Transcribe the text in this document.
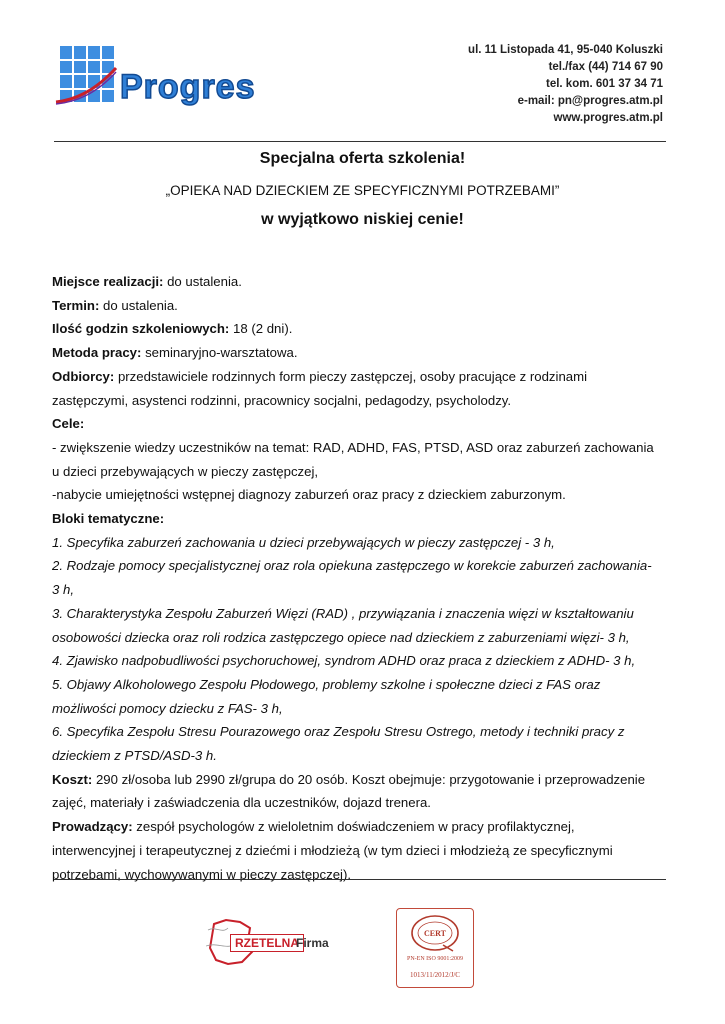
Progres
ul. 11 Listopada 41, 95-040 Koluszki
tel./fax (44) 714 67 90
tel. kom. 601 37 34 71
e-mail: pn@progres.atm.pl
www.progres.atm.pl
Specjalna oferta szkolenia!
„OPIEKA NAD DZIECKIEM ZE SPECYFICZNYMI POTRZEBAMI”
w wyjątkowo niskiej cenie!

Miejsce realizacji: do ustalenia.

Termin: do ustalenia.

Ilość godzin szkoleniowych: 18 (2 dni).

Metoda pracy: seminaryjno-warsztatowa.

Odbiorcy: przedstawiciele rodzinnych form pieczy zastępczej, osoby pracujące z rodzinami

zastępczymi, asystenci rodzinni, pracownicy socjalni, pedagodzy, psycholodzy.

Cele:

- zwiększenie wiedzy uczestników na temat: RAD, ADHD, FAS, PTSD, ASD oraz zaburzeń zachowania

u dzieci przebywających w pieczy zastępczej,

-nabycie umiejętności wstępnej diagnozy zaburzeń oraz pracy z dzieckiem zaburzonym.

Bloki tematyczne:

1. Specyfika zaburzeń zachowania u dzieci przebywających w pieczy zastępczej - 3 h,

2. Rodzaje pomocy specjalistycznej oraz rola opiekuna zastępczego w korekcie zaburzeń zachowania-

3 h,

3. Charakterystyka Zespołu Zaburzeń Więzi (RAD) , przywiązania i znaczenia więzi w kształtowaniu

osobowości dziecka oraz roli rodzica zastępczego opiece nad dzieckiem z zaburzeniami więzi- 3 h,

4. Zjawisko nadpobudliwości psychoruchowej, syndrom ADHD oraz praca z dzieckiem z ADHD- 3 h,

5. Objawy Alkoholowego Zespołu Płodowego, problemy szkolne i społeczne dzieci z FAS oraz

możliwości pomocy dziecku z FAS- 3 h,

6. Specyfika Zespołu Stresu Pourazowego oraz Zespołu Stresu Ostrego, metody i techniki pracy z

dzieckiem z PTSD/ASD-3 h.

Koszt: 290 zł/osoba lub 2990 zł/grupa do 20 osób. Koszt obejmuje: przygotowanie i przeprowadzenie

zajęć, materiały i zaświadczenia dla uczestników, dojazd trenera.

Prowadzący: zespół psychologów z wieloletnim doświadczeniem w pracy profilaktycznej,

interwencyjnej i terapeutycznej z dziećmi i młodzieżą (w tym dzieci i młodzieżą ze specyficznymi

potrzebami, wychowywanymi w pieczy zastępczej).

RZETELNA
Firma
CERT
PN-EN ISO 9001:2009
1013/11/2012/J/C
